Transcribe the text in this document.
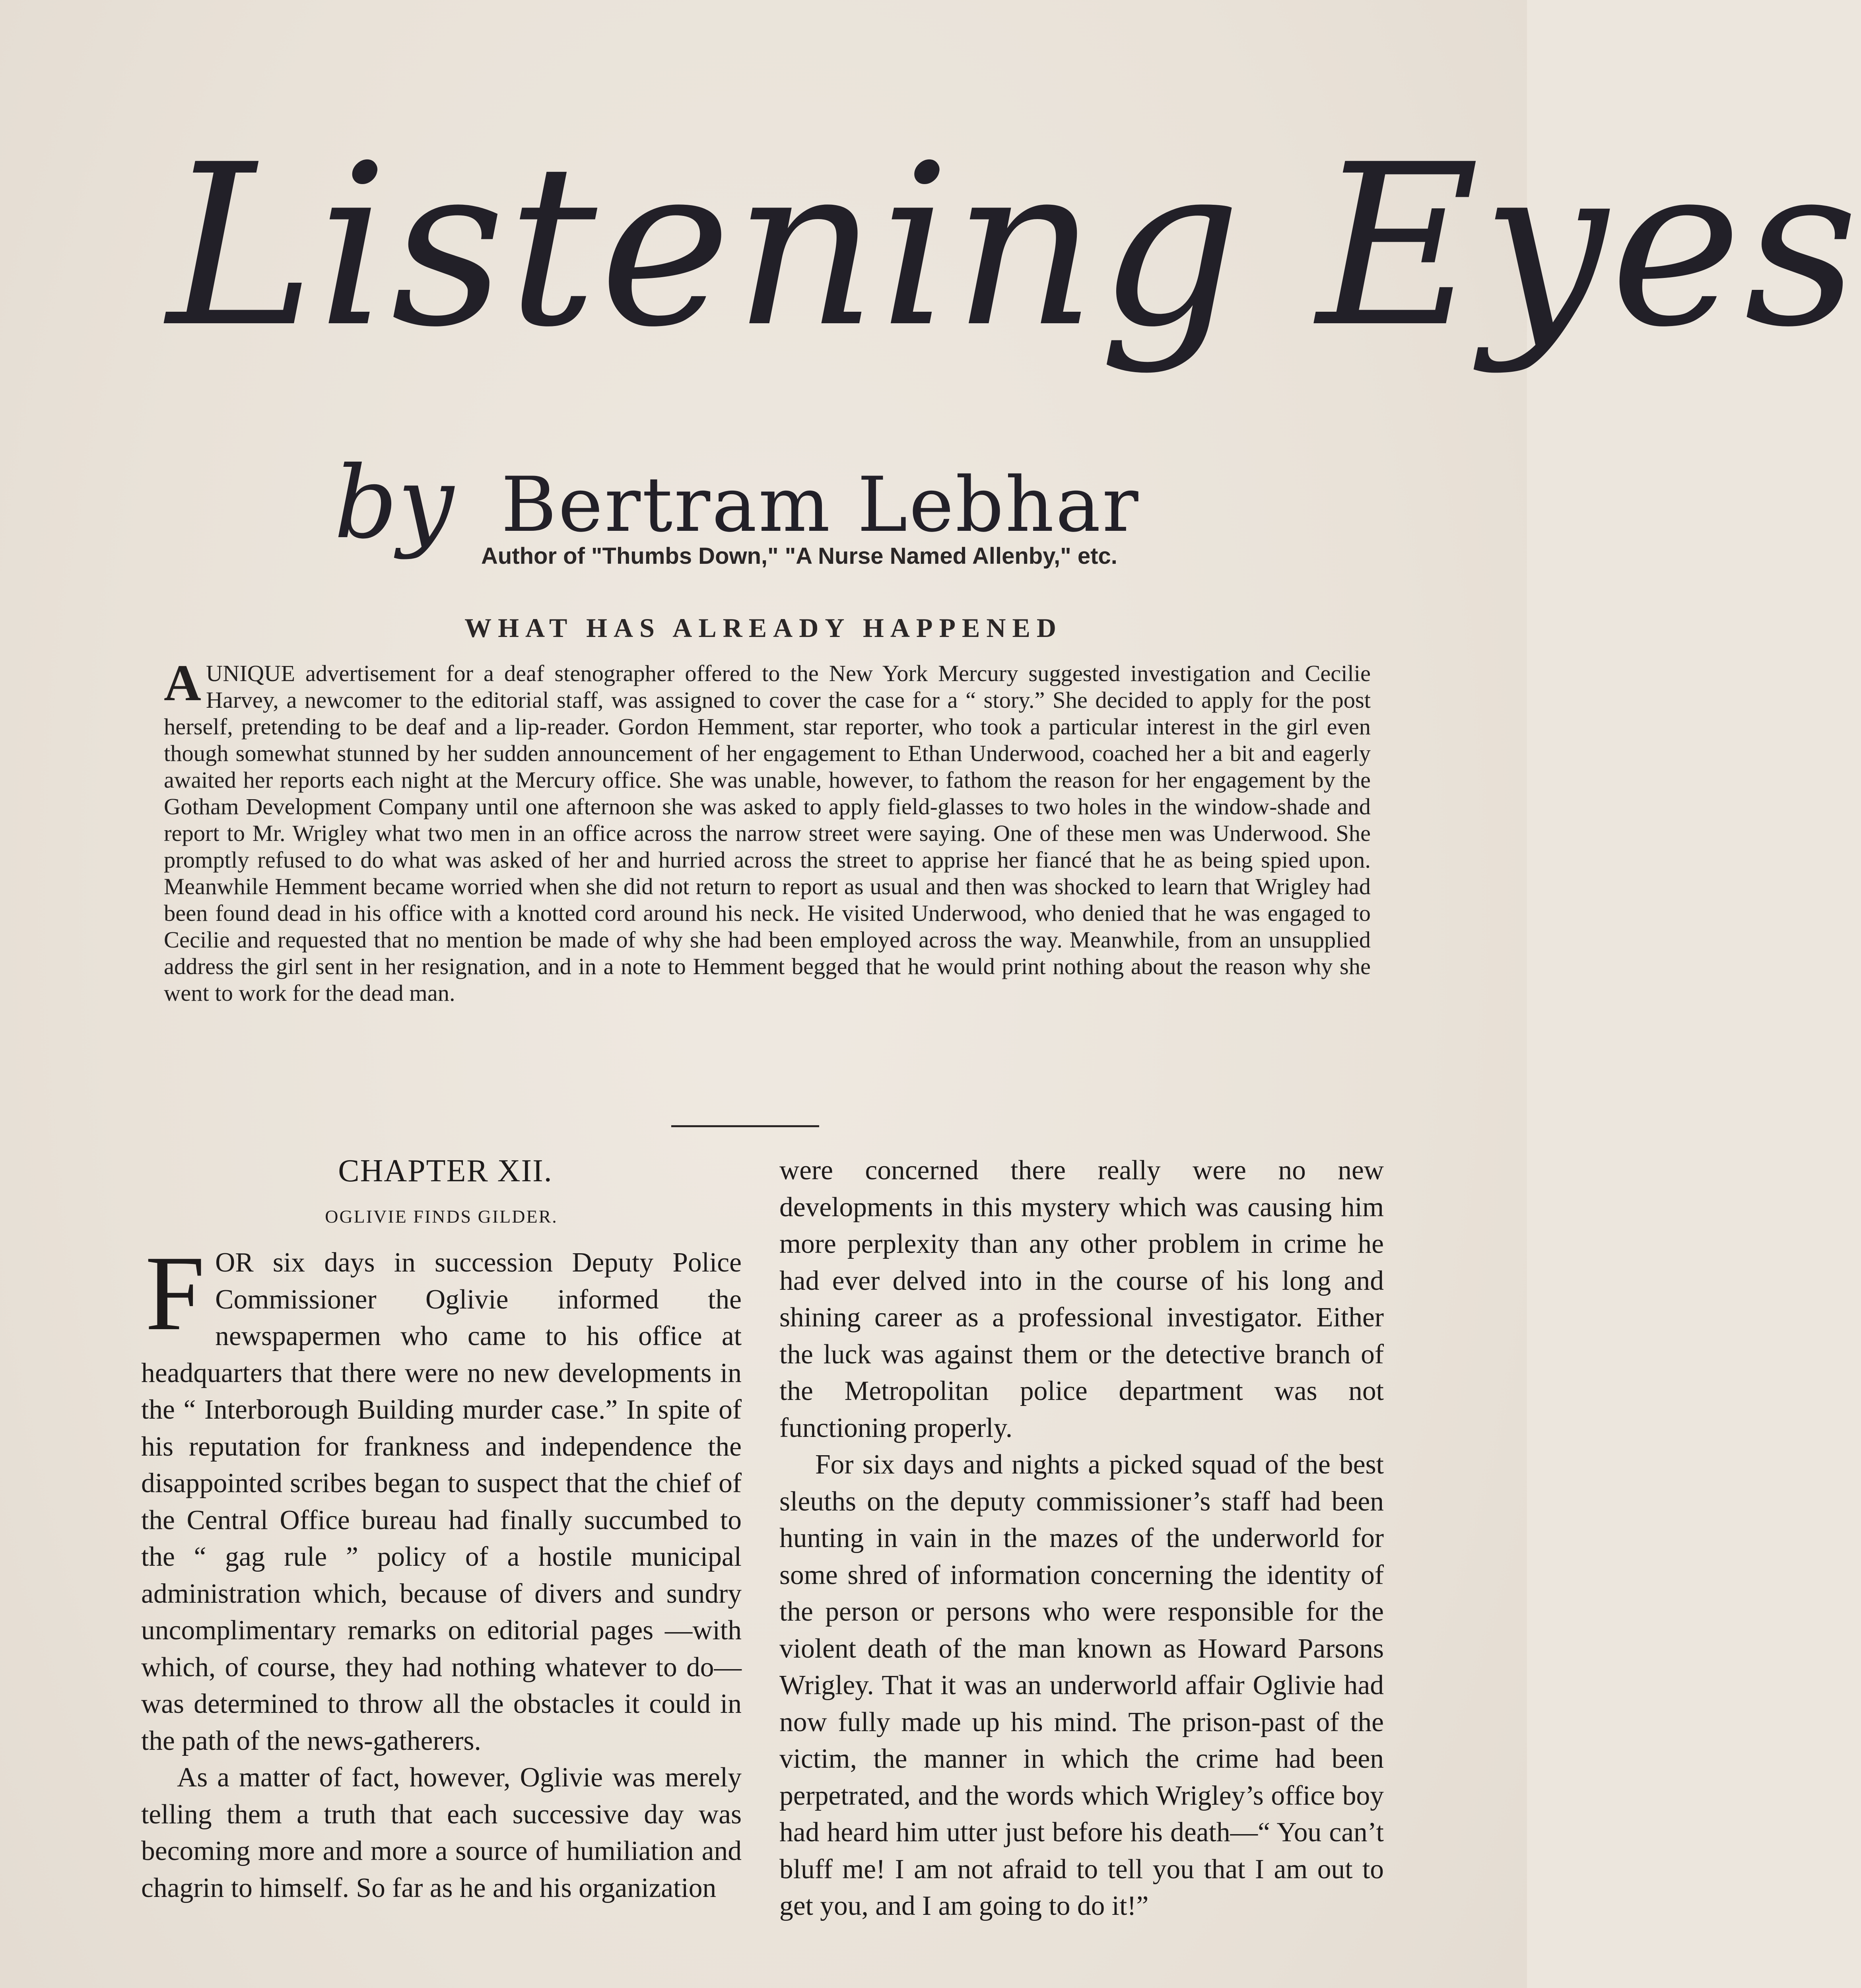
Listening Eyes
by Bertram Lebhar
Author of "Thumbs Down," "A Nurse Named Allenby," etc.
WHAT HAS ALREADY HAPPENED
AUNIQUE advertisement for a deaf stenographer offered to the New York Mercury suggested investigation and Cecilie Harvey, a newcomer to the editorial staff, was assigned to cover the case for a “ story.” She decided to apply for the post herself, pretending to be deaf and a lip-reader. Gordon Hemment, star reporter, who took a particular interest in the girl even though somewhat stunned by her sudden announcement of her engagement to Ethan Underwood, coached her a bit and eagerly awaited her reports each night at the Mercury office. She was unable, however, to fathom the reason for her engagement by the Gotham Development Company until one afternoon she was asked to apply field-glasses to two holes in the window-shade and report to Mr. Wrigley what two men in an office across the narrow street were saying. One of these men was Underwood. She promptly refused to do what was asked of her and hurried across the street to apprise her fiancé that he as being spied upon. Meanwhile Hemment became worried when she did not return to report as usual and then was shocked to learn that Wrigley had been found dead in his office with a knotted cord around his neck. He visited Underwood, who denied that he was engaged to Cecilie and requested that no mention be made of why she had been employed across the way. Meanwhile, from an unsupplied address the girl sent in her resignation, and in a note to Hemment begged that he would print nothing about the reason why she went to work for the dead man.
CHAPTER XII.
OGLIVIE FINDS GILDER.

FOR six days in succession Deputy Police Commissioner Oglivie informed the newspapermen who came to his office at headquarters that there were no new developments in the “ Interborough Building murder case.” In spite of his reputation for frankness and independence the disappointed scribes began to suspect that the chief of the Central Office bureau had finally succumbed to the “ gag rule ” policy of a hostile municipal administration which, because of divers and sundry uncomplimentary remarks on editorial pages —with which, of course, they had nothing whatever to do—was determined to throw all the obstacles it could in the path of the news-gatherers.

As a matter of fact, however, Oglivie was merely telling them a truth that each successive day was becoming more and more a source of humiliation and chagrin to himself. So far as he and his organization

were concerned there really were no new developments in this mystery which was causing him more perplexity than any other problem in crime he had ever delved into in the course of his long and shining career as a professional investigator. Either the luck was against them or the detective branch of the Metropolitan police department was not functioning properly.

For six days and nights a picked squad of the best sleuths on the deputy commissioner’s staff had been hunting in vain in the mazes of the underworld for some shred of information concerning the identity of the person or persons who were responsible for the violent death of the man known as Howard Parsons Wrigley. That it was an underworld affair Oglivie had now fully made up his mind. The prison-past of the victim, the manner in which the crime had been perpetrated, and the words which Wrigley’s office boy had heard him utter just before his death—“ You can’t bluff me! I am not afraid to tell you that I am out to get you, and I am going to do it!”
